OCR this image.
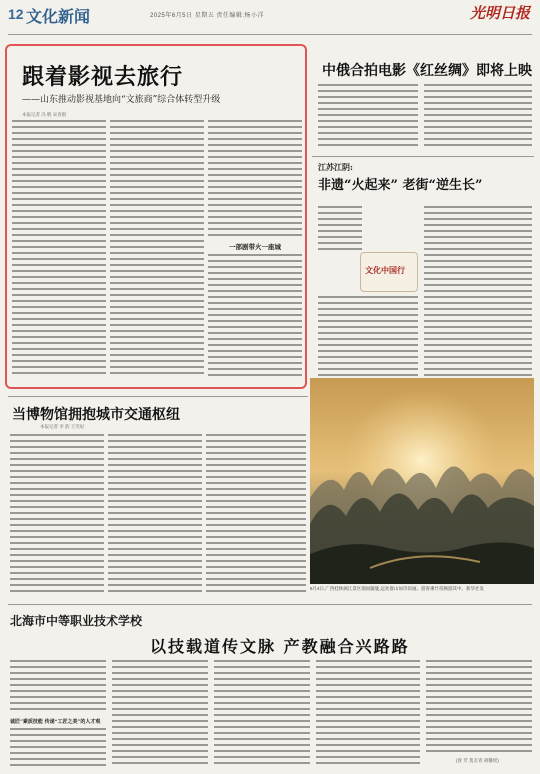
12 文化新闻	2025年6月5日 星期五 责任编辑:杨小洋	光明日报
跟着影视去旅行
——山东推动影视基地向“文旅商”综合体转型升级
本报记者 冯 帆 宋喜群
一部剧带火一座城
中俄合拍电影《红丝绸》即将上映
江苏江阴:
非遗“火起来” 老街“逆生长”
文化中国行
当博物馆拥抱城市交通枢纽
本报记者 李 韵 王笑妃
6月4日,广西桂林漓江景区烟雨朦胧,远处群山如诗似画。游客乘竹筏畅游其中。新华社发
北海市中等职业技术学校
以技载道传文脉 产教融合兴路路
诚匠”素质技能 传递“工匠之美”的人才观
(曾 芳 莫友青 胡馨瑶)
